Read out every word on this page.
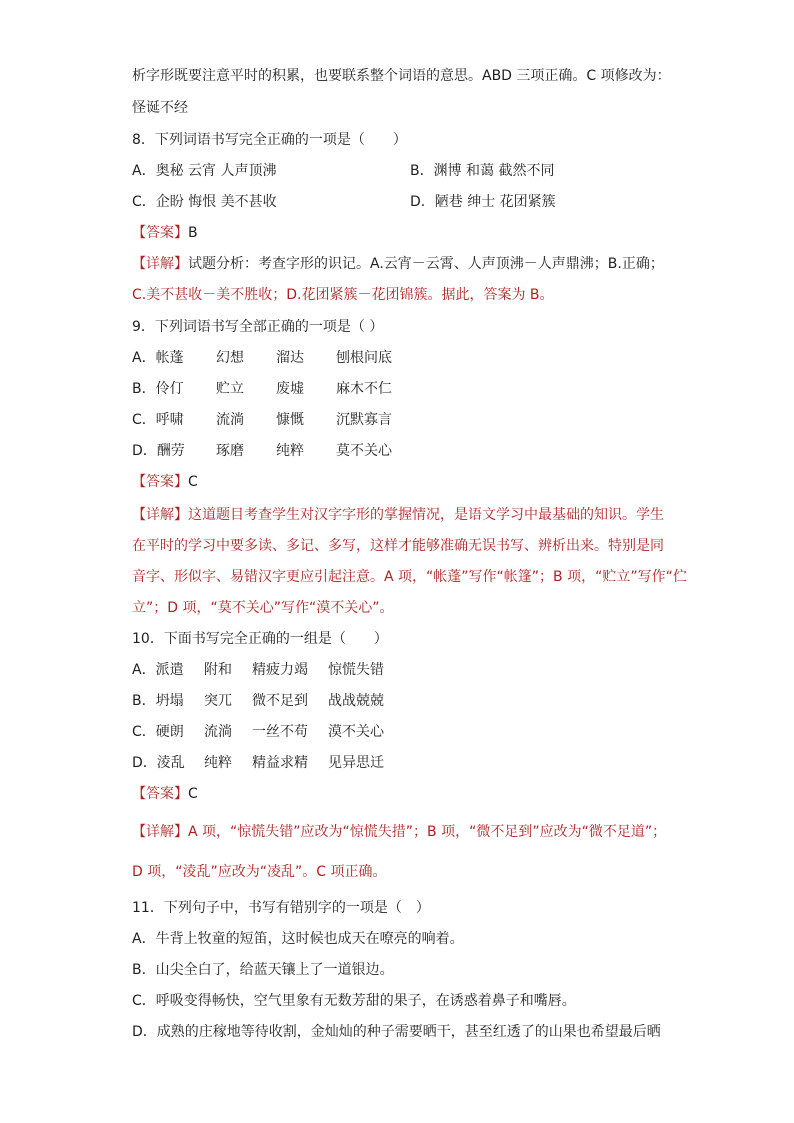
析字形既要注意平时的积累，也要联系整个词语的意思。ABD 三项正确。C 项修改为：
怪诞不经
8．下列词语书写完全正确的一项是（　　）
A．奥秘 云宵 人声顶沸	B．渊博 和蔼 截然不同
C．企盼 悔恨 美不甚收	D．陋巷 绅士 花团紧簇
【答案】B
【详解】试题分析：考查字形的识记。A.云宵－云霄、人声顶沸－人声鼎沸；B.正确；
C.美不甚收－美不胜收；D.花团紧簇－花团锦簇。据此，答案为 B。
9．下列词语书写全部正确的一项是（ ）
A．帐蓬 幻想 溜达 刨根问底
B．伶仃 贮立 废墟 麻木不仁
C．呼啸 流淌 慷慨 沉默寡言
D．酬劳 琢磨 纯粹 莫不关心
【答案】C
【详解】这道题目考查学生对汉字字形的掌握情况，是语文学习中最基础的知识。学生
在平时的学习中要多读、多记、多写，这样才能够准确无误书写、辨析出来。特别是同
音字、形似字、易错汉字更应引起注意。A 项，“帐蓬”写作“帐篷”；B 项，“贮立”写作“伫
立”；D 项，“莫不关心”写作“漠不关心”。
10．下面书写完全正确的一组是（　　）
A．派遣 附和 精疲力竭 惊慌失错
B．坍塌 突兀 微不足到 战战兢兢
C．硬朗 流淌 一丝不苟 漠不关心
D．淩乱 纯粹 精益求精 见异思迁
【答案】C
【详解】A 项，“惊慌失错”应改为“惊慌失措”；B 项，“微不足到”应改为“微不足道”；
D 项，“淩乱”应改为“凌乱”。C 项正确。
11．下列句子中，书写有错别字的一项是（　）
A．牛背上牧童的短笛，这时候也成天在嘹亮的响着。
B．山尖全白了，给蓝天镶上了一道银边。
C．呼吸变得畅快，空气里象有无数芳甜的果子，在诱惑着鼻子和嘴唇。
D．成熟的庄稼地等待收割，金灿灿的种子需要晒干，甚至红透了的山果也希望最后晒
